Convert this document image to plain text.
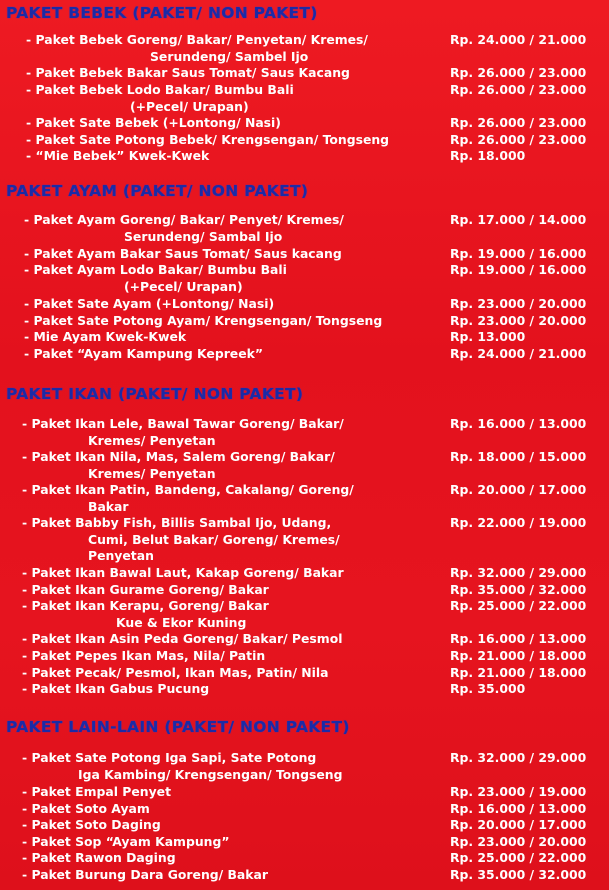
PAKET BEBEK (PAKET/ NON PAKET)
- Paket Bebek Goreng/ Bakar/ Penyetan/ Kremes/
Serundeng/ Sambel Ijo
Rp. 24.000 / 21.000
- Paket Bebek Bakar Saus Tomat/ Saus Kacang	Rp. 26.000 / 23.000
- Paket Bebek Lodo Bakar/ Bumbu Bali
(+Pecel/ Urapan)
Rp. 26.000 / 23.000
- Paket Sate Bebek (+Lontong/ Nasi)	Rp. 26.000 / 23.000
- Paket Sate Potong Bebek/ Krengsengan/ Tongseng	Rp. 26.000 / 23.000
- “Mie Bebek” Kwek-Kwek	Rp. 18.000
PAKET AYAM (PAKET/ NON PAKET)
- Paket Ayam Goreng/ Bakar/ Penyet/ Kremes/
Serundeng/ Sambal Ijo
Rp. 17.000 / 14.000
- Paket Ayam Bakar Saus Tomat/ Saus kacang	Rp. 19.000 / 16.000
- Paket Ayam Lodo Bakar/ Bumbu Bali
(+Pecel/ Urapan)
Rp. 19.000 / 16.000
- Paket Sate Ayam (+Lontong/ Nasi)	Rp. 23.000 / 20.000
- Paket Sate Potong Ayam/ Krengsengan/ Tongseng	Rp. 23.000 / 20.000
- Mie Ayam Kwek-Kwek	Rp. 13.000
- Paket “Ayam Kampung Kepreek”	Rp. 24.000 / 21.000
PAKET IKAN (PAKET/ NON PAKET)
- Paket Ikan Lele, Bawal Tawar Goreng/ Bakar/
Kremes/ Penyetan
Rp. 16.000 / 13.000
- Paket Ikan Nila, Mas, Salem Goreng/ Bakar/
Kremes/ Penyetan
Rp. 18.000 / 15.000
- Paket Ikan Patin, Bandeng, Cakalang/ Goreng/
Bakar
Rp. 20.000 / 17.000
- Paket Babby Fish, Billis Sambal Ijo, Udang,
Cumi, Belut Bakar/ Goreng/ Kremes/
Penyetan
Rp. 22.000 / 19.000
- Paket Ikan Bawal Laut, Kakap Goreng/ Bakar	Rp. 32.000 / 29.000
- Paket Ikan Gurame Goreng/ Bakar	Rp. 35.000 / 32.000
- Paket Ikan Kerapu, Goreng/ Bakar
Kue & Ekor Kuning
Rp. 25.000 / 22.000
- Paket Ikan Asin Peda Goreng/ Bakar/ Pesmol	Rp. 16.000 / 13.000
- Paket Pepes Ikan Mas, Nila/ Patin	Rp. 21.000 / 18.000
- Paket Pecak/ Pesmol, Ikan Mas, Patin/ Nila	Rp. 21.000 / 18.000
- Paket Ikan Gabus Pucung	Rp. 35.000
PAKET LAIN-LAIN (PAKET/ NON PAKET)
- Paket Sate Potong Iga Sapi, Sate Potong
Iga Kambing/ Krengsengan/ Tongseng
Rp. 32.000 / 29.000
- Paket Empal Penyet	Rp. 23.000 / 19.000
- Paket Soto Ayam	Rp. 16.000 / 13.000
- Paket Soto Daging	Rp. 20.000 / 17.000
- Paket Sop “Ayam Kampung”	Rp. 23.000 / 20.000
- Paket Rawon Daging	Rp. 25.000 / 22.000
- Paket Burung Dara Goreng/ Bakar	Rp. 35.000 / 32.000
